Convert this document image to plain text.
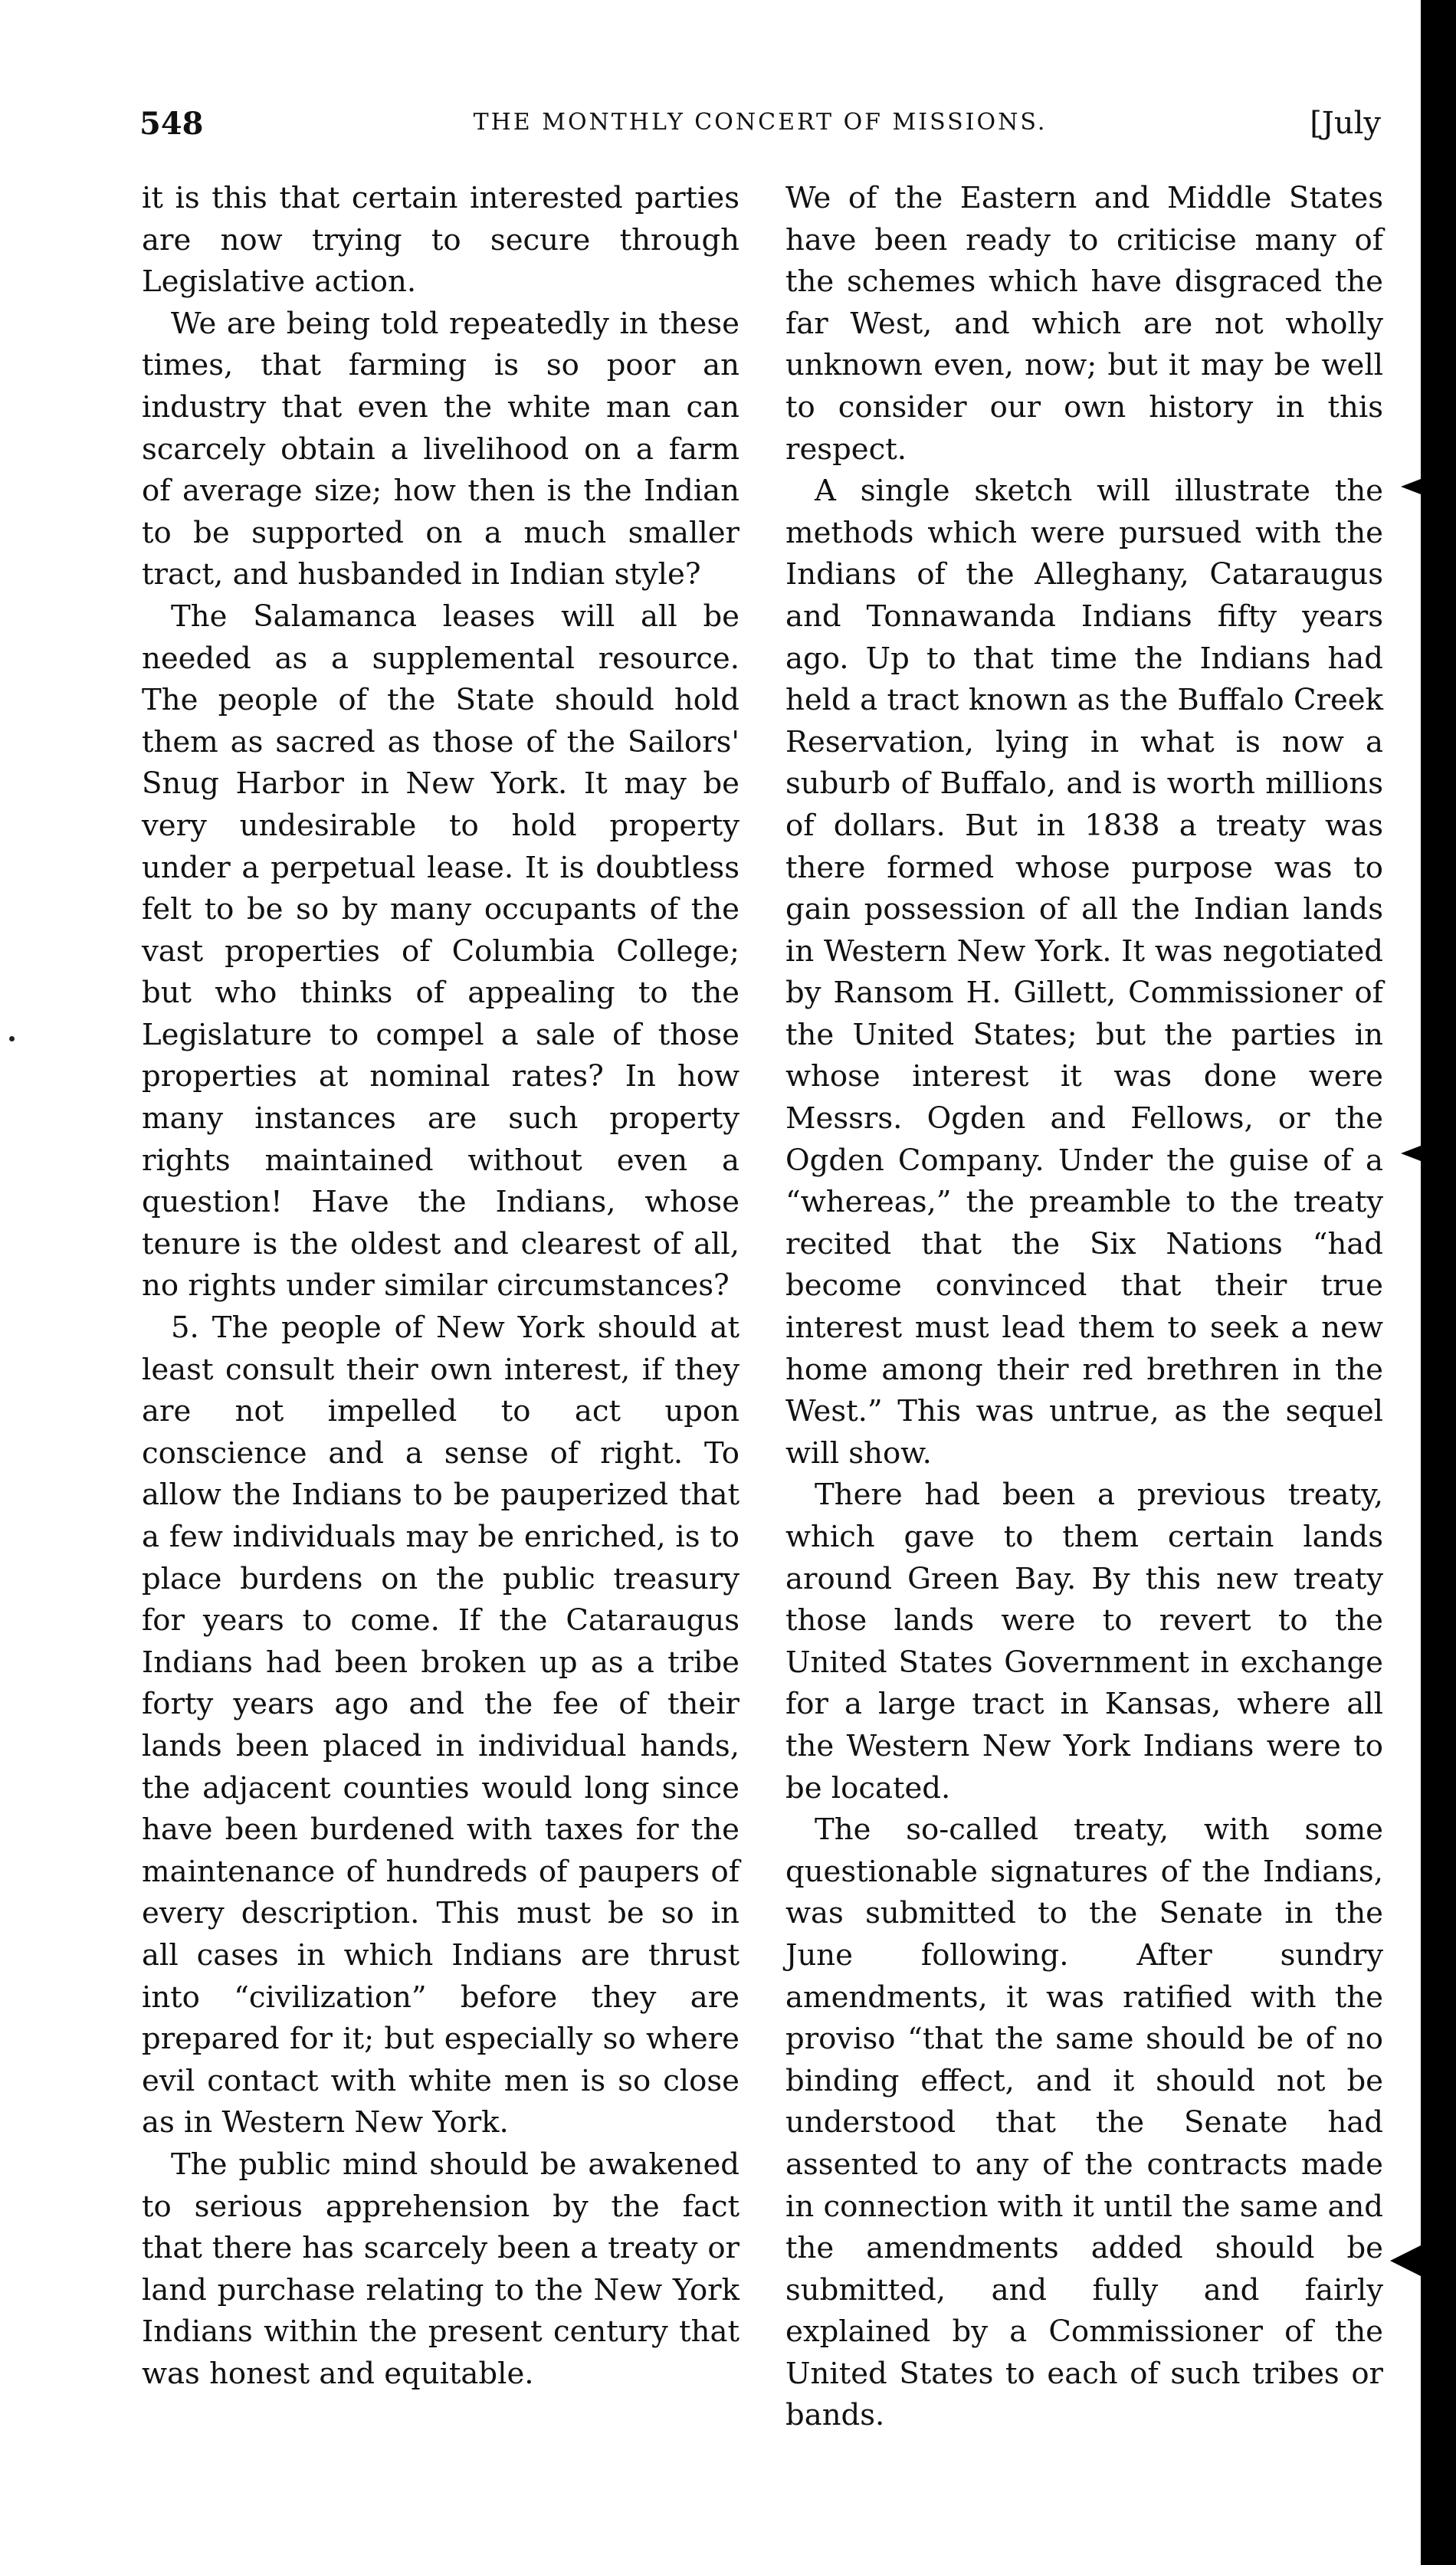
548	THE MONTHLY CONCERT OF MISSIONS.	[July

it is this that certain interested parties are now trying to secure through Legislative action.

We are being told repeatedly in these times, that farming is so poor an industry that even the white man can scarcely obtain a livelihood on a farm of average size; how then is the Indian to be supported on a much smaller tract, and husbanded in Indian style?

The Salamanca leases will all be needed as a supplemental resource. The people of the State should hold them as sacred as those of the Sailors' Snug Harbor in New York. It may be very undesirable to hold property under a perpetual lease. It is doubtless felt to be so by many occupants of the vast properties of Columbia College; but who thinks of appealing to the Legislature to compel a sale of those properties at nominal rates? In how many instances are such property rights maintained without even a question! Have the Indians, whose tenure is the oldest and clearest of all, no rights under similar circumstances?

5. The people of New York should at least consult their own interest, if they are not impelled to act upon conscience and a sense of right. To allow the Indians to be pauperized that a few individuals may be enriched, is to place burdens on the public treasury for years to come. If the Cataraugus Indians had been broken up as a tribe forty years ago and the fee of their lands been placed in individual hands, the adjacent counties would long since have been burdened with taxes for the maintenance of hundreds of paupers of every description. This must be so in all cases in which Indians are thrust into “civilization” before they are prepared for it; but especially so where evil contact with white men is so close as in Western New York.

The public mind should be awakened to serious apprehension by the fact that there has scarcely been a treaty or land purchase relating to the New York Indians within the present century that was honest and equitable.

We of the Eastern and Middle States have been ready to criticise many of the schemes which have disgraced the far West, and which are not wholly unknown even, now; but it may be well to consider our own history in this respect.

A single sketch will illustrate the methods which were pursued with the Indians of the Alleghany, Cataraugus and Tonnawanda Indians fifty years ago. Up to that time the Indians had held a tract known as the Buffalo Creek Reservation, lying in what is now a suburb of Buffalo, and is worth millions of dollars. But in 1838 a treaty was there formed whose purpose was to gain possession of all the Indian lands in Western New York. It was negotiated by Ransom H. Gillett, Commissioner of the United States; but the parties in whose interest it was done were Messrs. Ogden and Fellows, or the Ogden Company. Under the guise of a “whereas,” the preamble to the treaty recited that the Six Nations “had become convinced that their true interest must lead them to seek a new home among their red brethren in the West.” This was untrue, as the sequel will show.

There had been a previous treaty, which gave to them certain lands around Green Bay. By this new treaty those lands were to revert to the United States Government in exchange for a large tract in Kansas, where all the Western New York Indians were to be located.

The so-called treaty, with some questionable signatures of the Indians, was submitted to the Senate in the June following. After sundry amendments, it was ratified with the proviso “that the same should be of no binding effect, and it should not be understood that the Senate had assented to any of the contracts made in connection with it until the same and the amendments added should be submitted, and fully and fairly explained by a Commissioner of the United States to each of such tribes or bands.
